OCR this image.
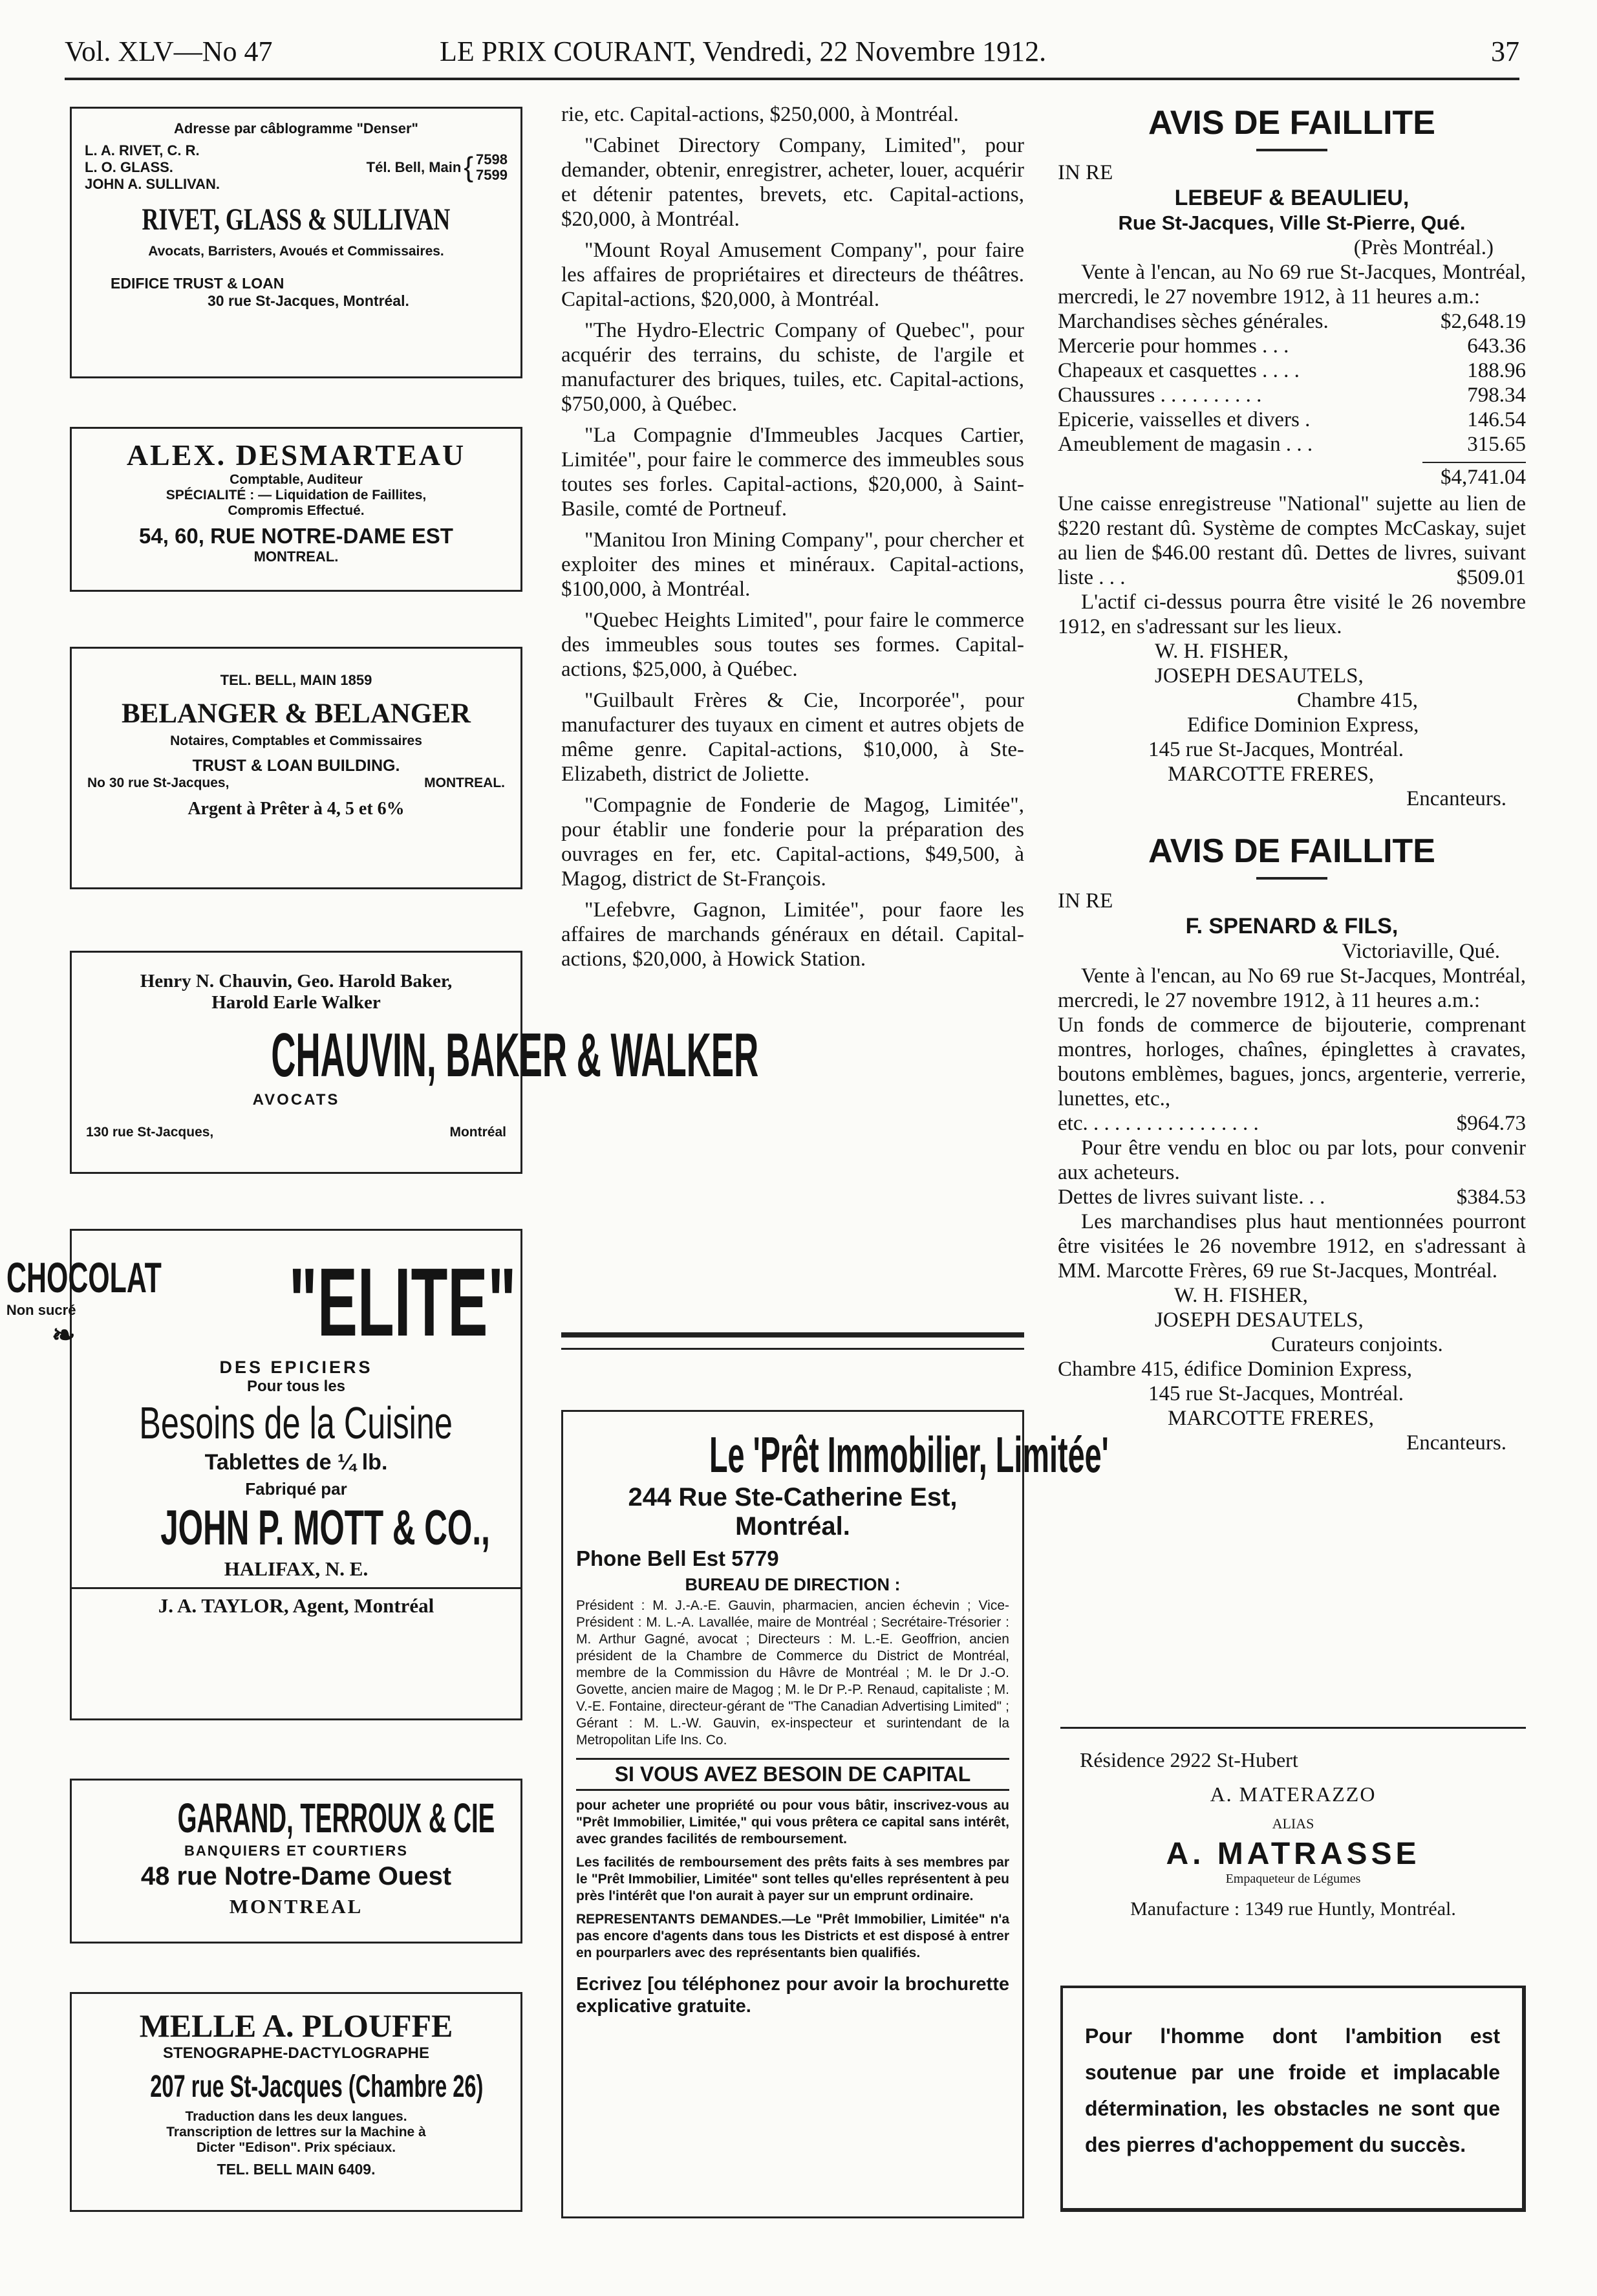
Vol. XLV—No 47	LE PRIX COURANT, Vendredi, 22 Novembre 1912.	37

Adresse par câblogramme "Denser"

L. A. RIVET, C. R.
L. O. GLASS.
JOHN A. SULLIVAN.
Tél. Bell, Main { 7598
7599

RIVET, GLASS & SULLIVAN

Avocats, Barristers, Avoués et Commissaires.

EDIFICE TRUST & LOAN

30 rue St-Jacques, Montréal.

ALEX. DESMARTEAU

Comptable, Auditeur

SPÉCIALITÉ : — Liquidation de Faillites,

Compromis Effectué.

54, 60, RUE NOTRE-DAME EST

MONTREAL.

TEL. BELL, MAIN 1859

BELANGER & BELANGER

Notaires, Comptables et Commissaires

TRUST & LOAN BUILDING.

No 30 rue St-Jacques,	MONTREAL.

Argent à Prêter à 4, 5 et 6%

Henry N. Chauvin, Geo. Harold Baker,

Harold Earle Walker

CHAUVIN, BAKER & WALKER

AVOCATS

130 rue St-Jacques,	Montréal

CHOCOLAT

Non sucré

❧	"ELITE"

DES EPICIERS

Pour tous les

Besoins de la Cuisine

Tablettes de ¼ lb.

Fabriqué par

JOHN P. MOTT & CO.,

HALIFAX, N. E.

J. A. TAYLOR, Agent, Montréal

GARAND, TERROUX & CIE

BANQUIERS ET COURTIERS

48 rue Notre-Dame Ouest

MONTREAL

MELLE A. PLOUFFE

STENOGRAPHE-DACTYLOGRAPHE

207 rue St-Jacques (Chambre 26)

Traduction dans les deux langues.

Transcription de lettres sur la Machine à

Dicter "Edison". Prix spéciaux.

TEL. BELL MAIN 6409.

rie, etc. Capital-actions, $250,000, à Montréal.

"Cabinet Directory Company, Limited", pour demander, obtenir, enregistrer, acheter, louer, acquérir et détenir patentes, brevets, etc. Capital-actions, $20,000, à Montréal.

"Mount Royal Amusement Company", pour faire les affaires de propriétaires et directeurs de théâtres. Capital-actions, $20,000, à Montréal.

"The Hydro-Electric Company of Quebec", pour acquérir des terrains, du schiste, de l'argile et manufacturer des briques, tuiles, etc. Capital-actions, $750,000, à Québec.

"La Compagnie d'Immeubles Jacques Cartier, Limitée", pour faire le commerce des immeubles sous toutes ses forles. Capital-actions, $20,000, à Saint-Basile, comté de Portneuf.

"Manitou Iron Mining Company", pour chercher et exploiter des mines et minéraux. Capital-actions, $100,000, à Montréal.

"Quebec Heights Limited", pour faire le commerce des immeubles sous toutes ses formes. Capital-actions, $25,000, à Québec.

"Guilbault Frères & Cie, Incorporée", pour manufacturer des tuyaux en ciment et autres objets de même genre. Capital-actions, $10,000, à Ste-Elizabeth, district de Joliette.

"Compagnie de Fonderie de Magog, Limitée", pour établir une fonderie pour la préparation des ouvrages en fer, etc. Capital-actions, $49,500, à Magog, district de St-François.

"Lefebvre, Gagnon, Limitée", pour faore les affaires de marchands généraux en détail. Capital-actions, $20,000, à Howick Station.

Le 'Prêt Immobilier, Limitée'

244 Rue Ste-Catherine Est,

Montréal.

Phone Bell Est 5779

BUREAU DE DIRECTION :

Président : M. J.-A.-E. Gauvin, pharmacien, ancien échevin ; Vice-Président : M. L.-A. Lavallée, maire de Montréal ; Secrétaire-Trésorier : M. Arthur Gagné, avocat ; Directeurs : M. L.-E. Geoffrion, ancien président de la Chambre de Commerce du District de Montréal, membre de la Commission du Hâvre de Montréal ; M. le Dr J.-O. Govette, ancien maire de Magog ; M. le Dr P.-P. Renaud, capitaliste ; M. V.-E. Fontaine, directeur-gérant de "The Canadian Advertising Limited" ; Gérant : M. L.-W. Gauvin, ex-inspecteur et surintendant de la Metropolitan Life Ins. Co.

SI VOUS AVEZ BESOIN DE CAPITAL

pour acheter une propriété ou pour vous bâtir, inscrivez-vous au "Prêt Immobilier, Limitée," qui vous prêtera ce capital sans intérêt, avec grandes facilités de remboursement.
Les facilités de remboursement des prêts faits à ses membres par le "Prêt Immobilier, Limitée" sont telles qu'elles représentent à peu près l'intérêt que l'on aurait à payer sur un emprunt ordinaire.
REPRESENTANTS DEMANDES.—Le "Prêt Immobilier, Limitée" n'a pas encore d'agents dans tous les Districts et est disposé à entrer en pourparlers avec des représentants bien qualifiés.
Ecrivez [ou téléphonez pour avoir la brochurette explicative gratuite.
AVIS DE FAILLITE
IN RE
LEBEUF & BEAULIEU,
Rue St-Jacques, Ville St-Pierre, Qué.
(Près Montréal.)
Vente à l'encan, au No 69 rue St-Jacques, Montréal, mercredi, le 27 novembre 1912, à 11 heures a.m.:
Marchandises sèches générales.	$2,648.19
Mercerie pour hommes . . .	643.36
Chapeaux et casquettes . . . .	188.96
Chaussures . . . . . . . . . .	798.34
Epicerie, vaisselles et divers .	146.54
Ameublement de magasin . . .	315.65
$4,741.04
Une caisse enregistreuse "National" sujette au lien de $220 restant dû. Système de comptes McCaskay, sujet au lien de $46.00 restant dû. Dettes de livres, suivant liste . . .	$509.01
L'actif ci-dessus pourra être visité le 26 novembre 1912, en s'adressant sur les lieux.
W. H. FISHER,
JOSEPH DESAUTELS,
Chambre 415,
Edifice Dominion Express,
145 rue St-Jacques, Montréal.
MARCOTTE FRERES,
Encanteurs.
AVIS DE FAILLITE
IN RE
F. SPENARD & FILS,
Victoriaville, Qué.
Vente à l'encan, au No 69 rue St-Jacques, Montréal, mercredi, le 27 novembre 1912, à 11 heures a.m.:
Un fonds de commerce de bijouterie, comprenant montres, horloges, chaînes, épinglettes à cravates, boutons emblèmes, bagues, joncs, argenterie, verrerie, lunettes, etc.,
etc. . . . . . . . . . . . . . . . .	$964.73
Pour être vendu en bloc ou par lots, pour convenir aux acheteurs.
Dettes de livres suivant liste. . .	$384.53
Les marchandises plus haut mentionnées pourront être visitées le 26 novembre 1912, en s'adressant à MM. Marcotte Frères, 69 rue St-Jacques, Montréal.
W. H. FISHER,
JOSEPH DESAUTELS,
Curateurs conjoints.
Chambre 415, édifice Dominion Express,
145 rue St-Jacques, Montréal.
MARCOTTE FRERES,
Encanteurs.

Résidence 2922 St-Hubert

A. MATERAZZO

ALIAS

A. MATRASSE

Empaqueteur de Légumes

Manufacture : 1349 rue Huntly, Montréal.

Pour l'homme dont l'ambition est soutenue par une froide et implacable détermination, les obstacles ne sont que des pierres d'achoppement du succès.
